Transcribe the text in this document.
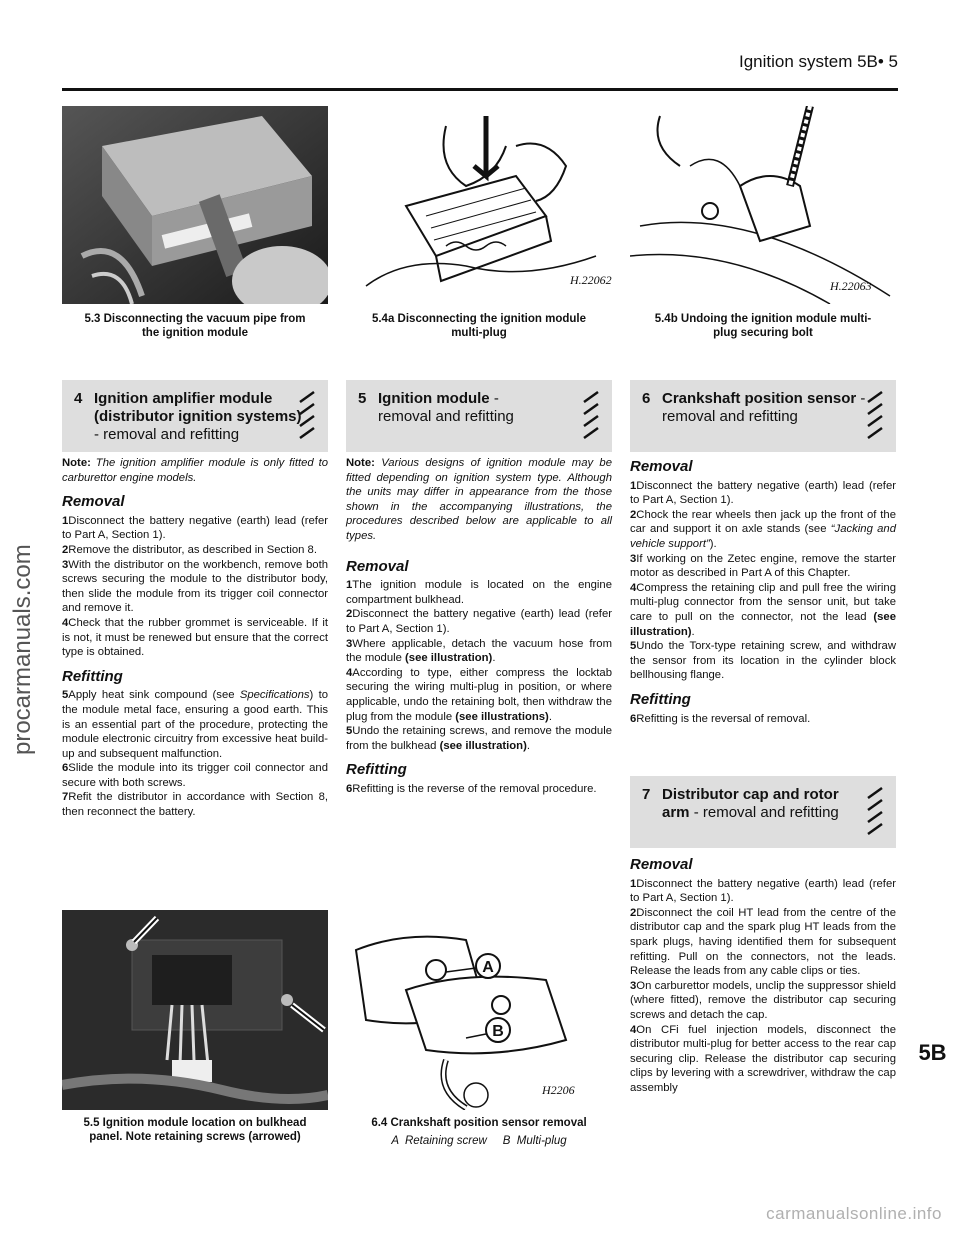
Ignition system 5B• 5
H.22062	H.22063
5.3 Disconnecting the vacuum pipe from
the ignition module
5.4a Disconnecting the ignition module
multi-plug
5.4b Undoing the ignition module multi-
plug securing bolt
4 Ignition amplifier module
(distributor ignition systems)
- removal and refitting
5 Ignition module -
removal and refitting
6 Crankshaft position sensor -
removal and refitting

Note: The ignition amplifier module is only fitted to carburettor engine models.

Removal

1Disconnect the battery negative (earth) lead (refer to Part A, Section 1).

2Remove the distributor, as described in Section 8.

3With the distributor on the workbench, remove both screws securing the module to the distributor body, then slide the module from its trigger coil connector and remove it.

4Check that the rubber grommet is serviceable. If it is not, it must be renewed but ensure that the correct type is obtained.

Refitting

5Apply heat sink compound (see Specifications) to the module metal face, ensuring a good earth. This is an essential part of the procedure, protecting the module electronic circuitry from excessive heat build-up and subsequent malfunction.

6Slide the module into its trigger coil connector and secure with both screws.

7Refit the distributor in accordance with Section 8, then reconnect the battery.

Note: Various designs of ignition module may be fitted depending on ignition system type. Although the units may differ in appearance from the those shown in the accompanying illustrations, the procedures described below are applicable to all types.

Removal

1The ignition module is located on the engine compartment bulkhead.

2Disconnect the battery negative (earth) lead (refer to Part A, Section 1).

3Where applicable, detach the vacuum hose from the module (see illustration).

4According to type, either compress the locktab securing the wiring multi-plug in position, or where applicable, undo the retaining bolt, then withdraw the plug from the module (see illustrations).

5Undo the retaining screws, and remove the module from the bulkhead (see illustration).

Refitting

6Refitting is the reverse of the removal procedure.

Removal

1Disconnect the battery negative (earth) lead (refer to Part A, Section 1).

2Chock the rear wheels then jack up the front of the car and support it on axle stands (see “Jacking and vehicle support”).

3If working on the Zetec engine, remove the starter motor as described in Part A of this Chapter.

4Compress the retaining clip and pull free the wiring multi-plug connector from the sensor unit, but take care to pull on the connector, not the lead (see illustration).

5Undo the Torx-type retaining screw, and withdraw the sensor from its location in the cylinder block bellhousing flange.

Refitting

6Refitting is the reversal of removal.

7 Distributor cap and rotor
arm - removal and refitting
Removal

1Disconnect the battery negative (earth) lead (refer to Part A, Section 1).

2Disconnect the coil HT lead from the centre of the distributor cap and the spark plug HT leads from the spark plugs, having identified them for subsequent refitting. Pull on the connectors, not the leads. Release the leads from any cable clips or ties.

3On carburettor models, unclip the suppressor shield (where fitted), remove the distributor cap securing screws and detach the cap.

4On CFi fuel injection models, disconnect the distributor multi-plug for better access to the rear cap securing clip. Release the distributor cap securing clips by levering with a screwdriver, withdraw the cap assembly

A
B
H2206
5.5 Ignition module location on bulkhead
panel. Note retaining screws (arrowed)
6.4 Crankshaft position sensor removal
A  Retaining screw     B  Multi-plug
procarmanuals.com
5B
carmanualsonline.info
